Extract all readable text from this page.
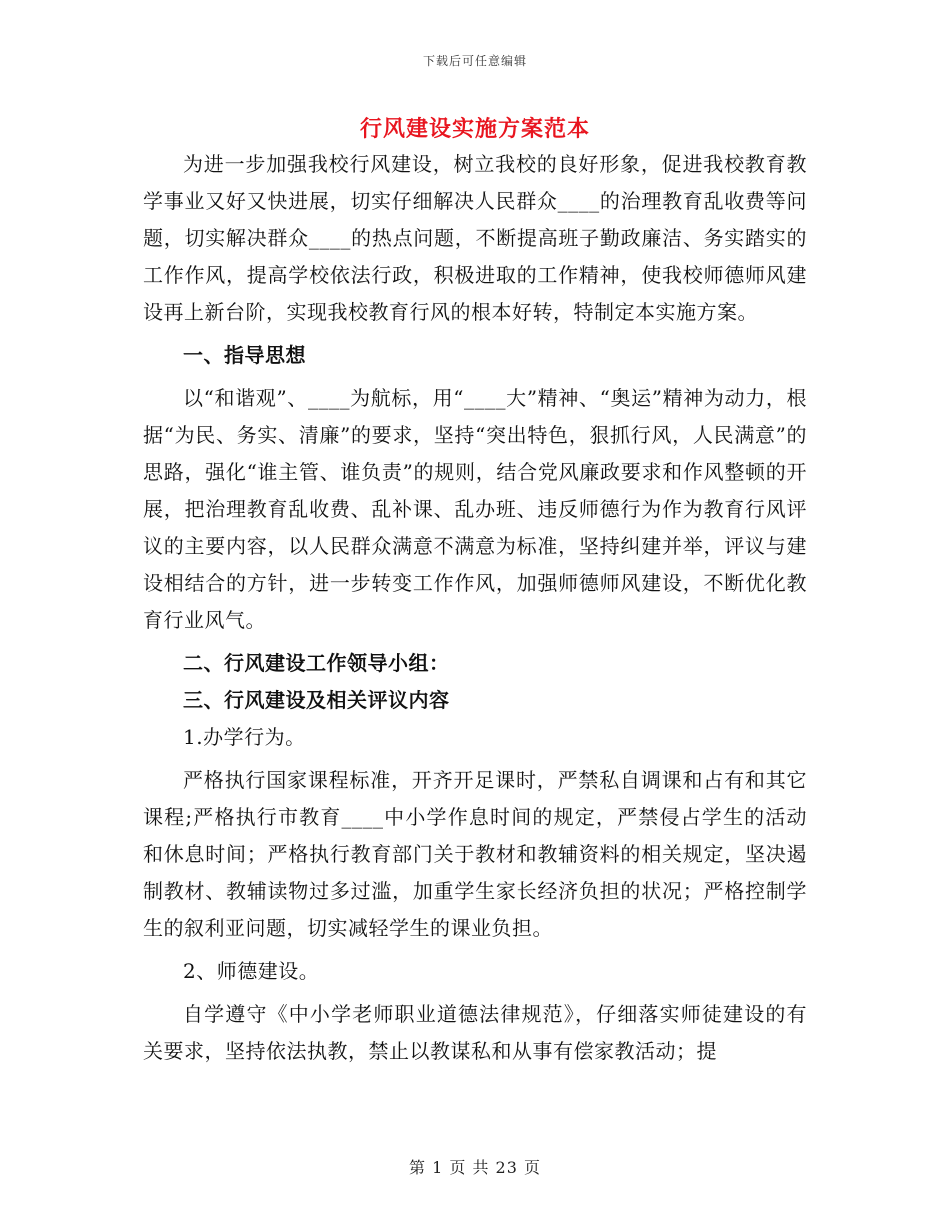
下载后可任意编辑
行风建设实施方案范本

为进一步加强我校行风建设，树立我校的良好形象，促进我校教育教学事业又好又快进展，切实仔细解决人民群众____的治理教育乱收费等问题，切实解决群众____的热点问题，不断提高班子勤政廉洁、务实踏实的工作作风，提高学校依法行政，积极进取的工作精神，使我校师德师风建设再上新台阶，实现我校教育行风的根本好转，特制定本实施方案。

一、指导思想

以“和谐观”、____为航标，用“____大”精神、“奥运”精神为动力，根据“为民、务实、清廉”的要求，坚持“突出特色，狠抓行风，人民满意”的思路，强化“谁主管、谁负责”的规则，结合党风廉政要求和作风整顿的开展，把治理教育乱收费、乱补课、乱办班、违反师德行为作为教育行风评议的主要内容，以人民群众满意不满意为标准，坚持纠建并举，评议与建设相结合的方针，进一步转变工作作风，加强师德师风建设，不断优化教育行业风气。

二、行风建设工作领导小组：

三、行风建设及相关评议内容

1.办学行为。

严格执行国家课程标准，开齐开足课时，严禁私自调课和占有和其它课程;严格执行市教育____中小学作息时间的规定，严禁侵占学生的活动和休息时间；严格执行教育部门关于教材和教辅资料的相关规定，坚决遏制教材、教辅读物过多过滥，加重学生家长经济负担的状况；严格控制学生的叙利亚问题，切实减轻学生的课业负担。

2、师德建设。

自学遵守《中小学老师职业道德法律规范》，仔细落实师徒建设的有关要求，坚持依法执教，禁止以教谋私和从事有偿家教活动；提

第 1 页 共 23 页
